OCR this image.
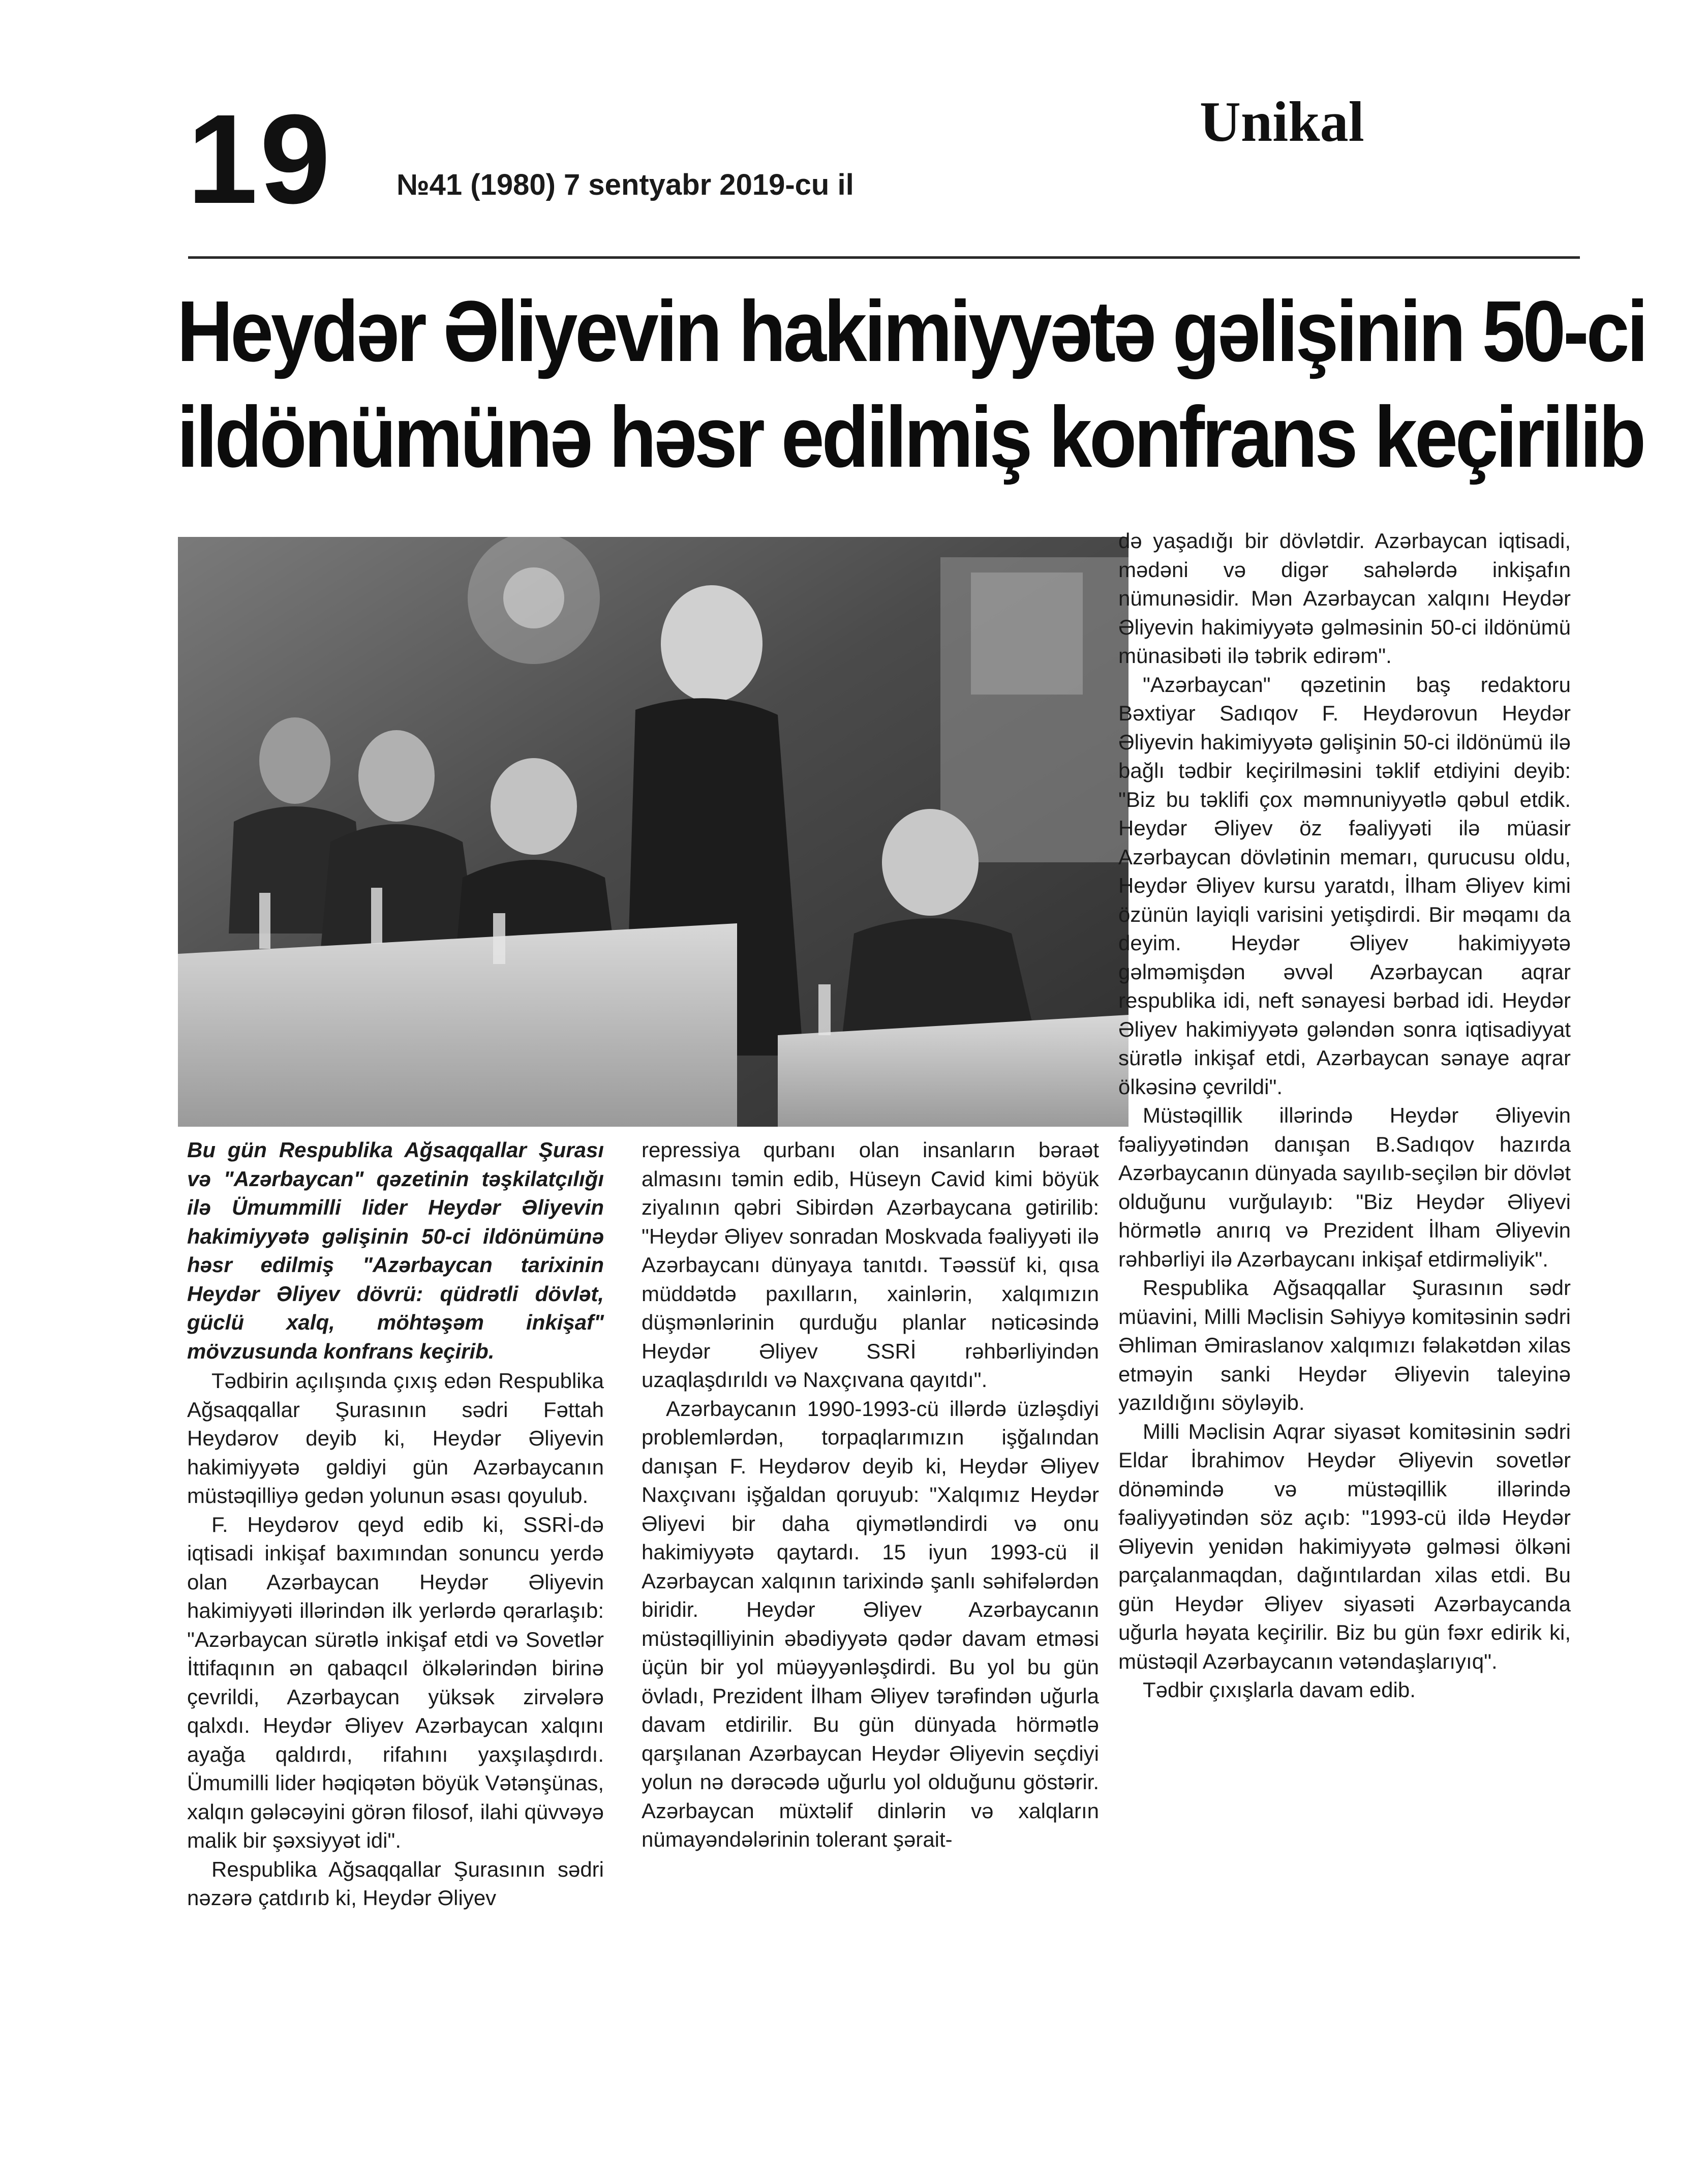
19 №41 (1980) 7 sentyabr 2019-cu il
Unikal
Heydər Əliyevin hakimiyyətə gəlişinin 50-ci
ildönümünə həsr edilmiş konfrans keçirilib

Bu gün Respublika Ağsaqqallar Şurası və "Azərbaycan" qəzetinin təşkilatçılığı ilə Ümummilli lider Heydər Əliyevin hakimiyyətə gəlişinin 50-ci ildönümünə həsr edilmiş "Azərbaycan tarixinin Heydər Əliyev dövrü: qüdrətli dövlət, güclü xalq, möhtəşəm inkişaf" mövzusunda konfrans keçirib.

Tədbirin açılışında çıxış edən Respublika Ağsaqqallar Şurasının sədri Fəttah Heydərov deyib ki, Heydər Əliyevin hakimiyyətə gəldiyi gün Azərbaycanın müstəqilliyə gedən yolunun əsası qoyulub.

F. Heydərov qeyd edib ki, SSRİ-də iqtisadi inkişaf baxımından sonuncu yerdə olan Azərbaycan Heydər Əliyevin hakimiyyəti illərindən ilk yerlərdə qərarlaşıb: "Azərbaycan sürətlə inkişaf etdi və Sovetlər İttifaqının ən qabaqcıl ölkələrindən birinə çevrildi, Azərbaycan yüksək zirvələrə qalxdı. Heydər Əliyev Azərbaycan xalqını ayağa qaldırdı, rifahını yaxşılaşdırdı. Ümumilli lider həqiqətən böyük Vətənşünas, xalqın gələcəyini görən filosof, ilahi qüvvəyə malik bir şəxsiyyət idi".

Respublika Ağsaqqallar Şurasının sədri nəzərə çatdırıb ki, Heydər Əliyev

repressiya qurbanı olan insanların bəraət almasını təmin edib, Hüseyn Cavid kimi böyük ziyalının qəbri Sibirdən Azərbaycana gətirilib: "Heydər Əliyev sonradan Moskvada fəaliyyəti ilə Azərbaycanı dünyaya tanıtdı. Təəssüf ki, qısa müddətdə paxılların, xainlərin, xalqımızın düşmənlərinin qurduğu planlar nəticəsində Heydər Əliyev SSRİ rəhbərliyindən uzaqlaşdırıldı və Naxçıvana qayıtdı".

Azərbaycanın 1990-1993-cü illərdə üzləşdiyi problemlərdən, torpaqlarımızın işğalından danışan F. Heydərov deyib ki, Heydər Əliyev Naxçıvanı işğaldan qoruyub: "Xalqımız Heydər Əliyevi bir daha qiymətləndirdi və onu hakimiyyətə qaytardı. 15 iyun 1993-cü il Azərbaycan xalqının tarixində şanlı səhifələrdən biridir. Heydər Əliyev Azərbaycanın müstəqilliyinin əbədiyyətə qədər davam etməsi üçün bir yol müəyyənləşdirdi. Bu yol bu gün övladı, Prezident İlham Əliyev tərəfindən uğurla davam etdirilir. Bu gün dünyada hörmətlə qarşılanan Azərbaycan Heydər Əliyevin seçdiyi yolun nə dərəcədə uğurlu yol olduğunu göstərir. Azərbaycan müxtəlif dinlərin və xalqların nümayəndələrinin tolerant şərait-

də yaşadığı bir dövlətdir. Azərbaycan iqtisadi, mədəni və digər sahələrdə inkişafın nümunəsidir. Mən Azərbaycan xalqını Heydər Əliyevin hakimiyyətə gəlməsinin 50-ci ildönümü münasibəti ilə təbrik edirəm".

"Azərbaycan" qəzetinin baş redaktoru Bəxtiyar Sadıqov F. Heydərovun Heydər Əliyevin hakimiyyətə gəlişinin 50-ci ildönümü ilə bağlı tədbir keçirilməsini təklif etdiyini deyib: "Biz bu təklifi çox məmnuniyyətlə qəbul etdik. Heydər Əliyev öz fəaliyyəti ilə müasir Azərbaycan dövlətinin memarı, qurucusu oldu, Heydər Əliyev kursu yaratdı, İlham Əliyev kimi özünün layiqli varisini yetişdirdi. Bir məqamı da deyim. Heydər Əliyev hakimiyyətə gəlməmişdən əvvəl Azərbaycan aqrar respublika idi, neft sənayesi bərbad idi. Heydər Əliyev hakimiyyətə gələndən sonra iqtisadiyyat sürətlə inkişaf etdi, Azərbaycan sənaye aqrar ölkəsinə çevrildi".

Müstəqillik illərində Heydər Əliyevin fəaliyyətindən danışan B.Sadıqov hazırda Azərbaycanın dünyada sayılıb-seçilən bir dövlət olduğunu vurğulayıb: "Biz Heydər Əliyevi hörmətlə anırıq və Prezident İlham Əliyevin rəhbərliyi ilə Azərbaycanı inkişaf etdirməliyik".

Respublika Ağsaqqallar Şurasının sədr müavini, Milli Məclisin Səhiyyə komitəsinin sədri Əhliman Əmiraslanov xalqımızı fəlakətdən xilas etməyin sanki Heydər Əliyevin taleyinə yazıldığını söyləyib.

Milli Məclisin Aqrar siyasət komitəsinin sədri Eldar İbrahimov Heydər Əliyevin sovetlər dönəmində və müstəqillik illərində fəaliyyətindən söz açıb: "1993-cü ildə Heydər Əliyevin yenidən hakimiyyətə gəlməsi ölkəni parçalanmaqdan, dağıntılardan xilas etdi. Bu gün Heydər Əliyev siyasəti Azərbaycanda uğurla həyata keçirilir. Biz bu gün fəxr edirik ki, müstəqil Azərbaycanın vətəndaşlarıyıq".

Tədbir çıxışlarla davam edib.
